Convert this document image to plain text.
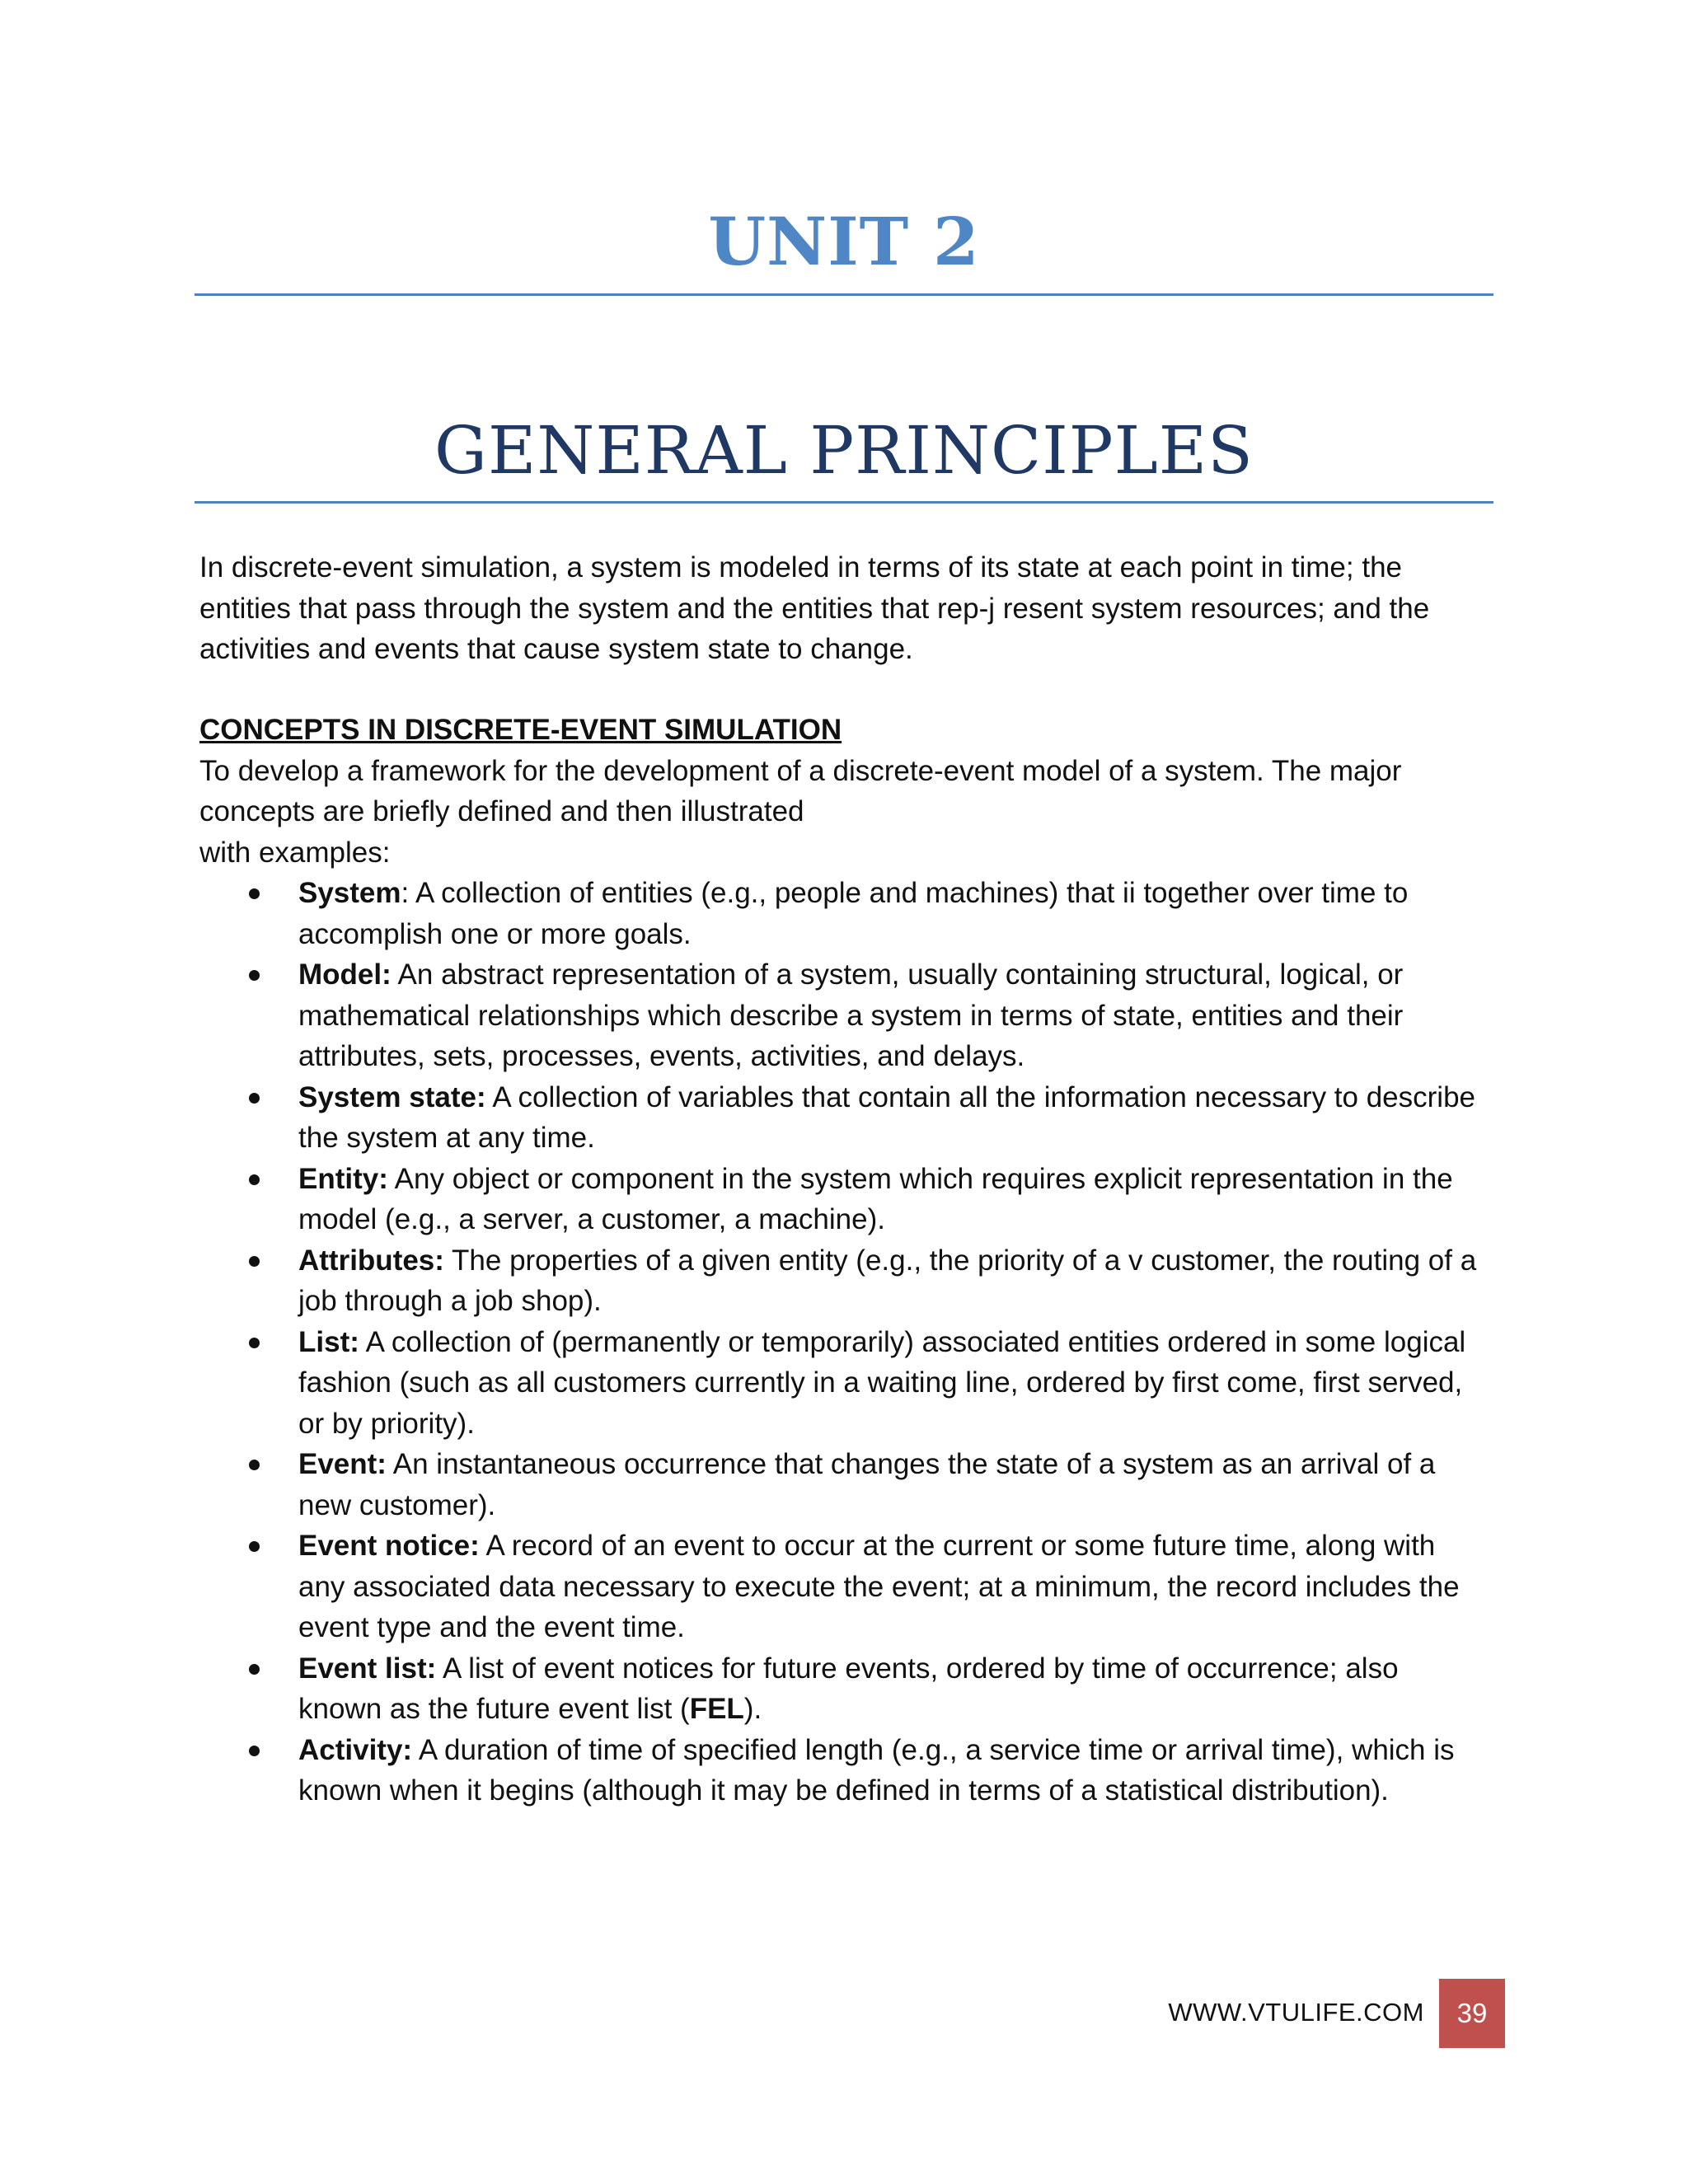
UNIT 2
GENERAL PRINCIPLES
In discrete-event simulation, a system is modeled in terms of its state at each point in time; the entities that pass through the system and the entities that rep-j resent system resources; and the activities and events that cause system state to change.
CONCEPTS IN DISCRETE-EVENT SIMULATION
To develop a framework for the development of a discrete-event model of a system. The major concepts are briefly defined and then illustrated
with examples:
System: A collection of entities (e.g., people and machines) that ii together over time to accomplish one or more goals.
Model: An abstract representation of a system, usually containing structural, logical, or mathematical relationships which describe a system in terms of state, entities and their attributes, sets, processes, events, activities, and delays.
System state: A collection of variables that contain all the information necessary to describe the system at any time.
Entity: Any object or component in the system which requires explicit representation in the model (e.g., a server, a customer, a machine).
Attributes: The properties of a given entity (e.g., the priority of a v customer, the routing of a job through a job shop).
List: A collection of (permanently or temporarily) associated entities ordered in some logical fashion (such as all customers currently in a waiting line, ordered by first come, first served, or by priority).
Event: An instantaneous occurrence that changes the state of a system as an arrival of a new customer).
Event notice: A record of an event to occur at the current or some future time, along with any associated data necessary to execute the event; at a minimum, the record includes the event type and the event time.
Event list: A list of event notices for future events, ordered by time of occurrence; also known as the future event list (FEL).
Activity: A duration of time of specified length (e.g., a service time or arrival time), which is known when it begins (although it may be defined in terms of a statistical distribution).
WWW.VTULIFE.COM	39
